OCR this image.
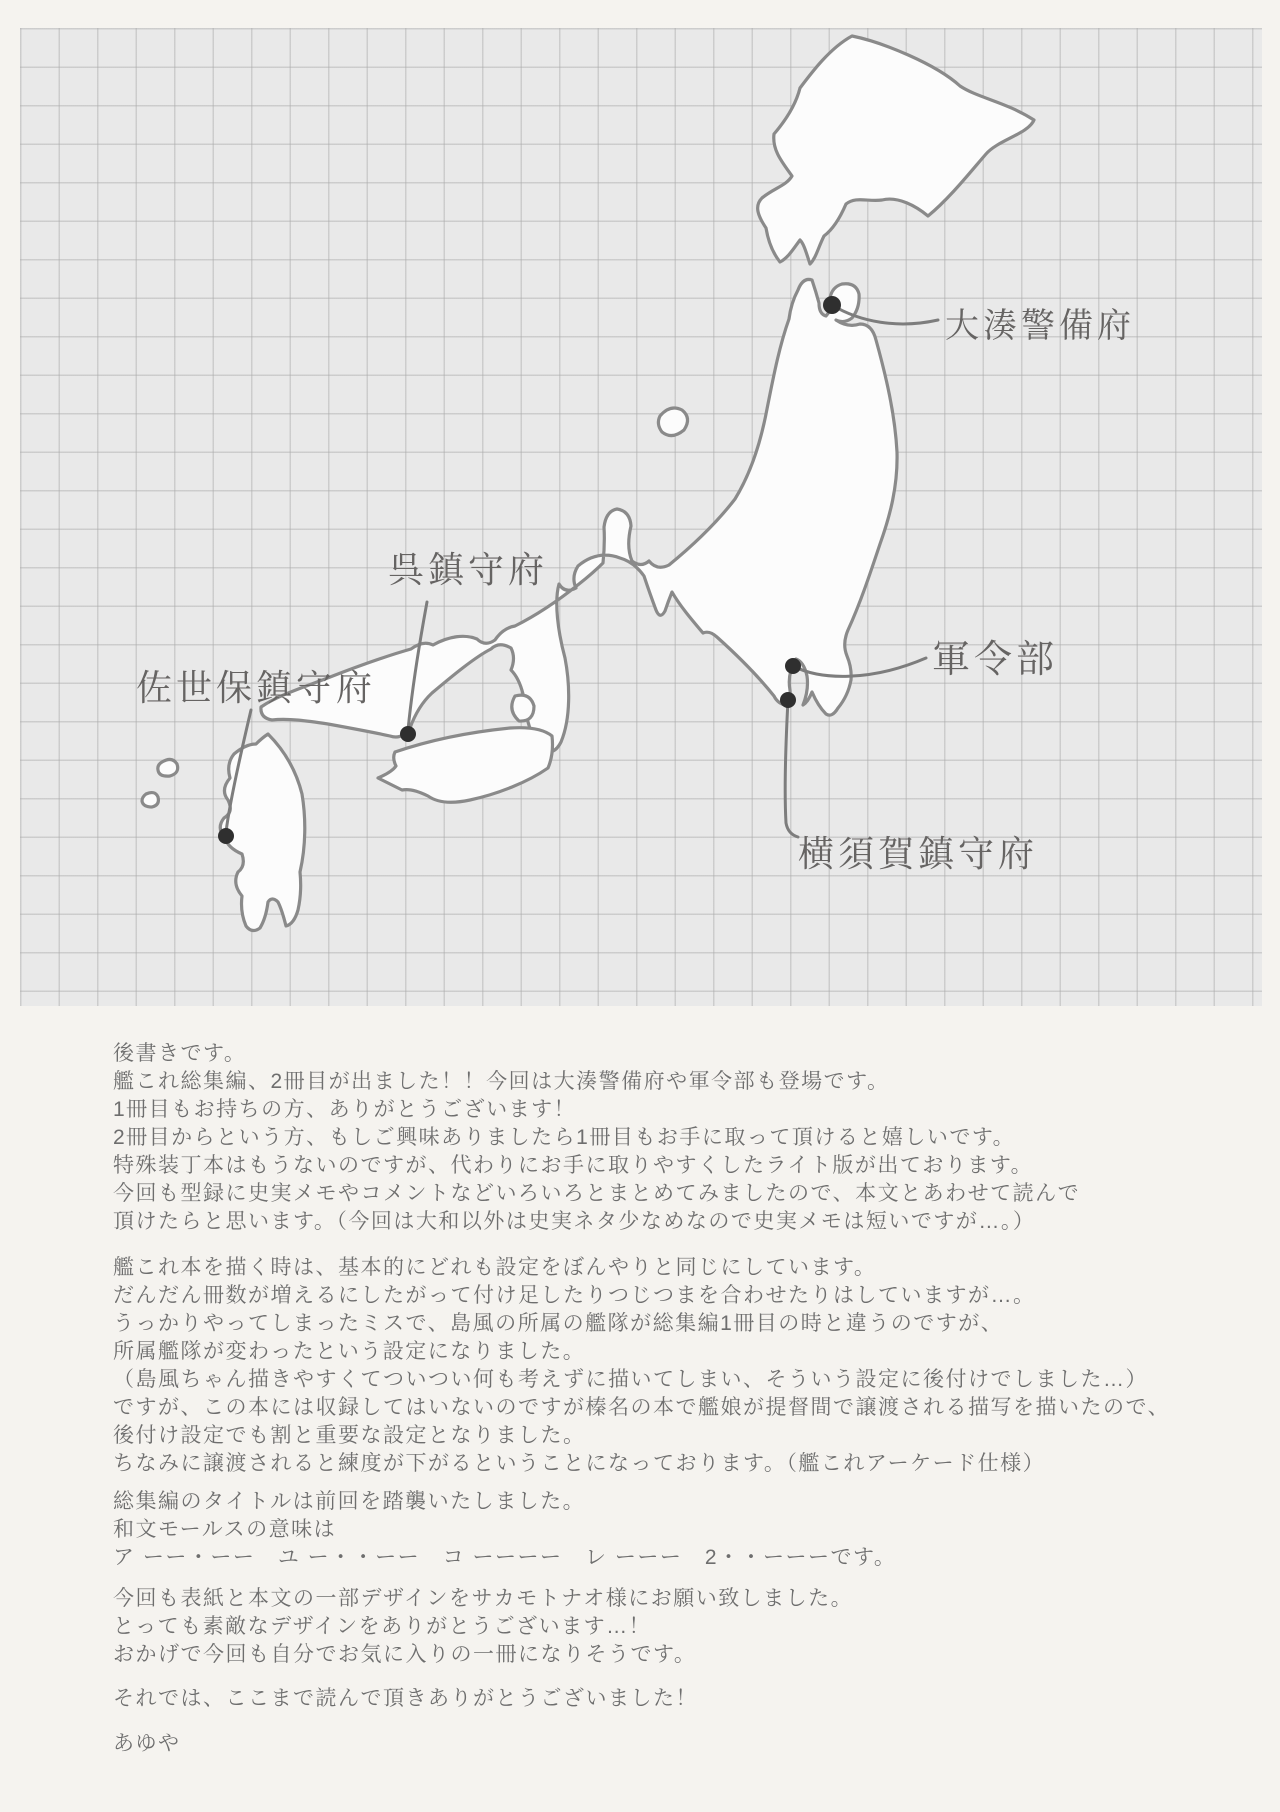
大湊警備府
呉鎮守府
佐世保鎮守府
軍令部
横須賀鎮守府
後書きです。
艦これ総集編、2冊目が出ました！！今回は大湊警備府や軍令部も登場です。
1冊目もお持ちの方、ありがとうございます！
2冊目からという方、もしご興味ありましたら1冊目もお手に取って頂けると嬉しいです。
特殊装丁本はもうないのですが、代わりにお手に取りやすくしたライト版が出ております。
今回も型録に史実メモやコメントなどいろいろとまとめてみましたので、本文とあわせて読んで
頂けたらと思います。（今回は大和以外は史実ネタ少なめなので史実メモは短いですが…。）
艦これ本を描く時は、基本的にどれも設定をぼんやりと同じにしています。
だんだん冊数が増えるにしたがって付け足したりつじつまを合わせたりはしていますが…。
うっかりやってしまったミスで、島風の所属の艦隊が総集編1冊目の時と違うのですが、
所属艦隊が変わったという設定になりました。
（島風ちゃん描きやすくてついつい何も考えずに描いてしまい、そういう設定に後付けでしました…）
ですが、この本には収録してはいないのですが榛名の本で艦娘が提督間で譲渡される描写を描いたので、
後付け設定でも割と重要な設定となりました。
ちなみに譲渡されると練度が下がるということになっております。（艦これアーケード仕様）
総集編のタイトルは前回を踏襲いたしました。
和文モールスの意味は
ア ーー・ーー　ユ ー・・ーー　コ ーーーー　レ ーーー　2・・ーーーです。
今回も表紙と本文の一部デザインをサカモトナオ様にお願い致しました。
とっても素敵なデザインをありがとうございます…！
おかげで今回も自分でお気に入りの一冊になりそうです。
それでは、ここまで読んで頂きありがとうございました！
あゆや
